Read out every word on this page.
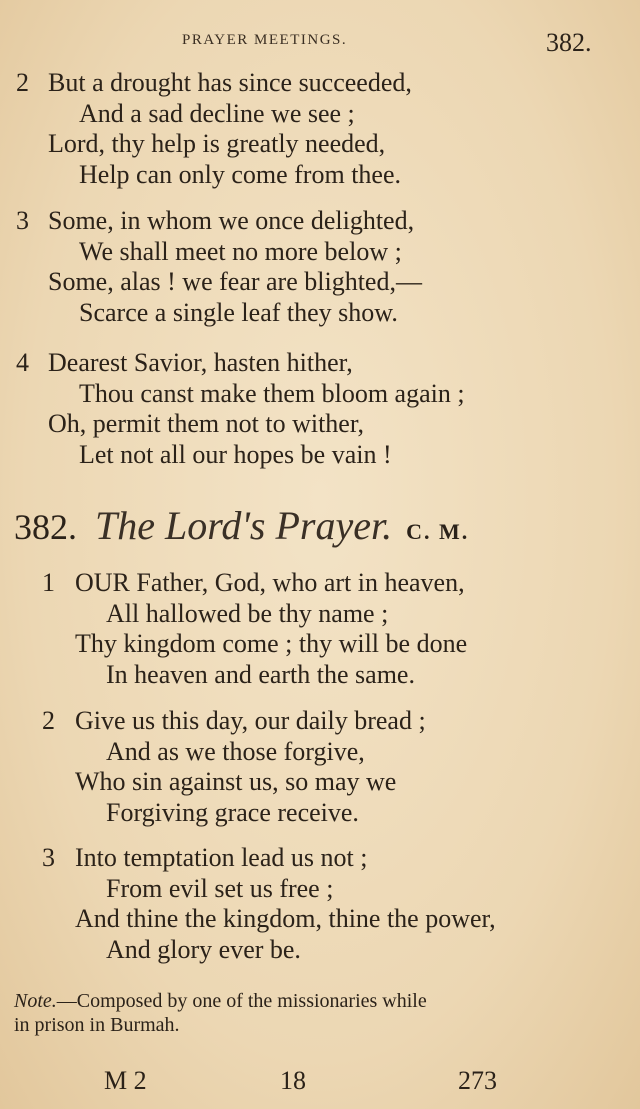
PRAYER MEETINGS.	382.
2 But a drought has since succeeded,
And a sad decline we see ;
Lord, thy help is greatly needed,
Help can only come from thee.
3 Some, in whom we once delighted,
We shall meet no more below ;
Some, alas ! we fear are blighted,—
Scarce a single leaf they show.
4 Dearest Savior, hasten hither,
Thou canst make them bloom again ;
Oh, permit them not to wither,
Let not all our hopes be vain !
382. The Lord's Prayer. C. M.
1 OUR Father, God, who art in heaven,
All hallowed be thy name ;
Thy kingdom come ; thy will be done
In heaven and earth the same.
2 Give us this day, our daily bread ;
And as we those forgive,
Who sin against us, so may we
Forgiving grace receive.
3 Into temptation lead us not ;
From evil set us free ;
And thine the kingdom, thine the power,
And glory ever be.
Note.—Composed by one of the missionaries while
in prison in Burmah.
M 2	18	273
